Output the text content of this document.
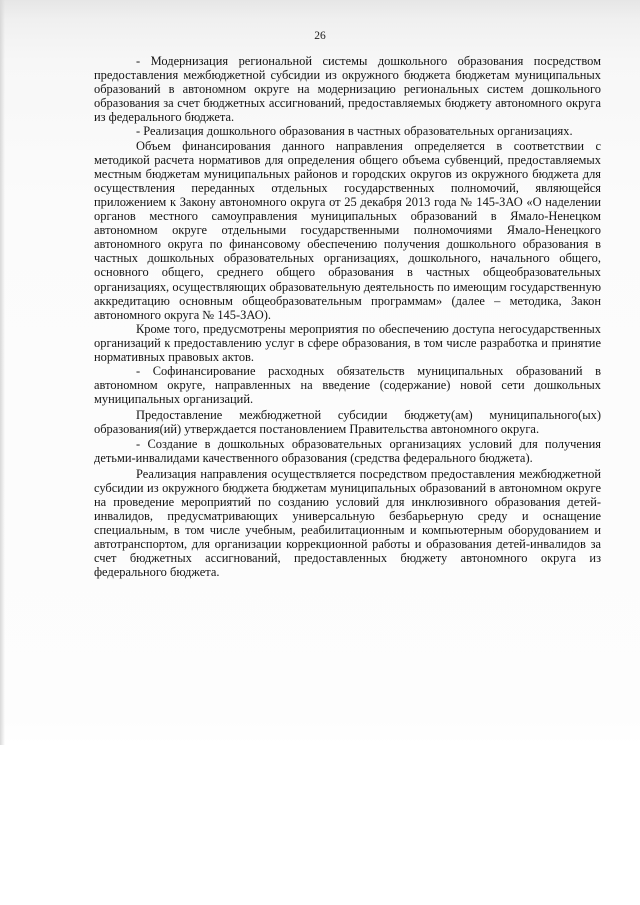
26

- Модернизация региональной системы дошкольного образования посредством предоставления межбюджетной субсидии из окружного бюджета бюджетам муниципальных образований в автономном округе на модернизацию региональных систем дошкольного образования за счет бюджетных ассигнований, предоставляемых бюджету автономного округа из федерального бюджета.

- Реализация дошкольного образования в частных образовательных организациях.

Объем финансирования данного направления определяется в соответствии с методикой расчета нормативов для определения общего объема субвенций, предоставляемых местным бюджетам муниципальных районов и городских округов из окружного бюджета для осуществления переданных отдельных государственных полномочий, являющейся приложением к Закону автономного округа от 25 декабря 2013 года № 145-ЗАО «О наделении органов местного самоуправления муниципальных образований в Ямало-Ненецком автономном округе отдельными государственными полномочиями Ямало-Ненецкого автономного округа по финансовому обеспечению получения дошкольного образования в частных дошкольных образовательных организациях, дошкольного, начального общего, основного общего, среднего общего образования в частных общеобразовательных организациях, осуществляющих образовательную деятельность по имеющим государственную аккредитацию основным общеобразовательным программам» (далее – методика, Закон автономного округа № 145-ЗАО).

Кроме того, предусмотрены мероприятия по обеспечению доступа негосударственных организаций к предоставлению услуг в сфере образования, в том числе разработка и принятие нормативных правовых актов.

- Софинансирование расходных обязательств муниципальных образований в автономном округе, направленных на введение (содержание) новой сети дошкольных муниципальных организаций.

Предоставление межбюджетной субсидии бюджету(ам) муниципального(ых) образования(ий) утверждается постановлением Правительства автономного округа.

- Создание в дошкольных образовательных организациях условий для получения детьми-инвалидами качественного образования (средства федерального бюджета).

Реализация направления осуществляется посредством предоставления межбюджетной субсидии из окружного бюджета бюджетам муниципальных образований в автономном округе на проведение мероприятий по созданию условий для инклюзивного образования детей-инвалидов, предусматривающих универсальную безбарьерную среду и оснащение специальным, в том числе учебным, реабилитационным и компьютерным оборудованием и автотранспортом, для организации коррекционной работы и образования детей-инвалидов за счет бюджетных ассигнований, предоставленных бюджету автономного округа из федерального бюджета.
